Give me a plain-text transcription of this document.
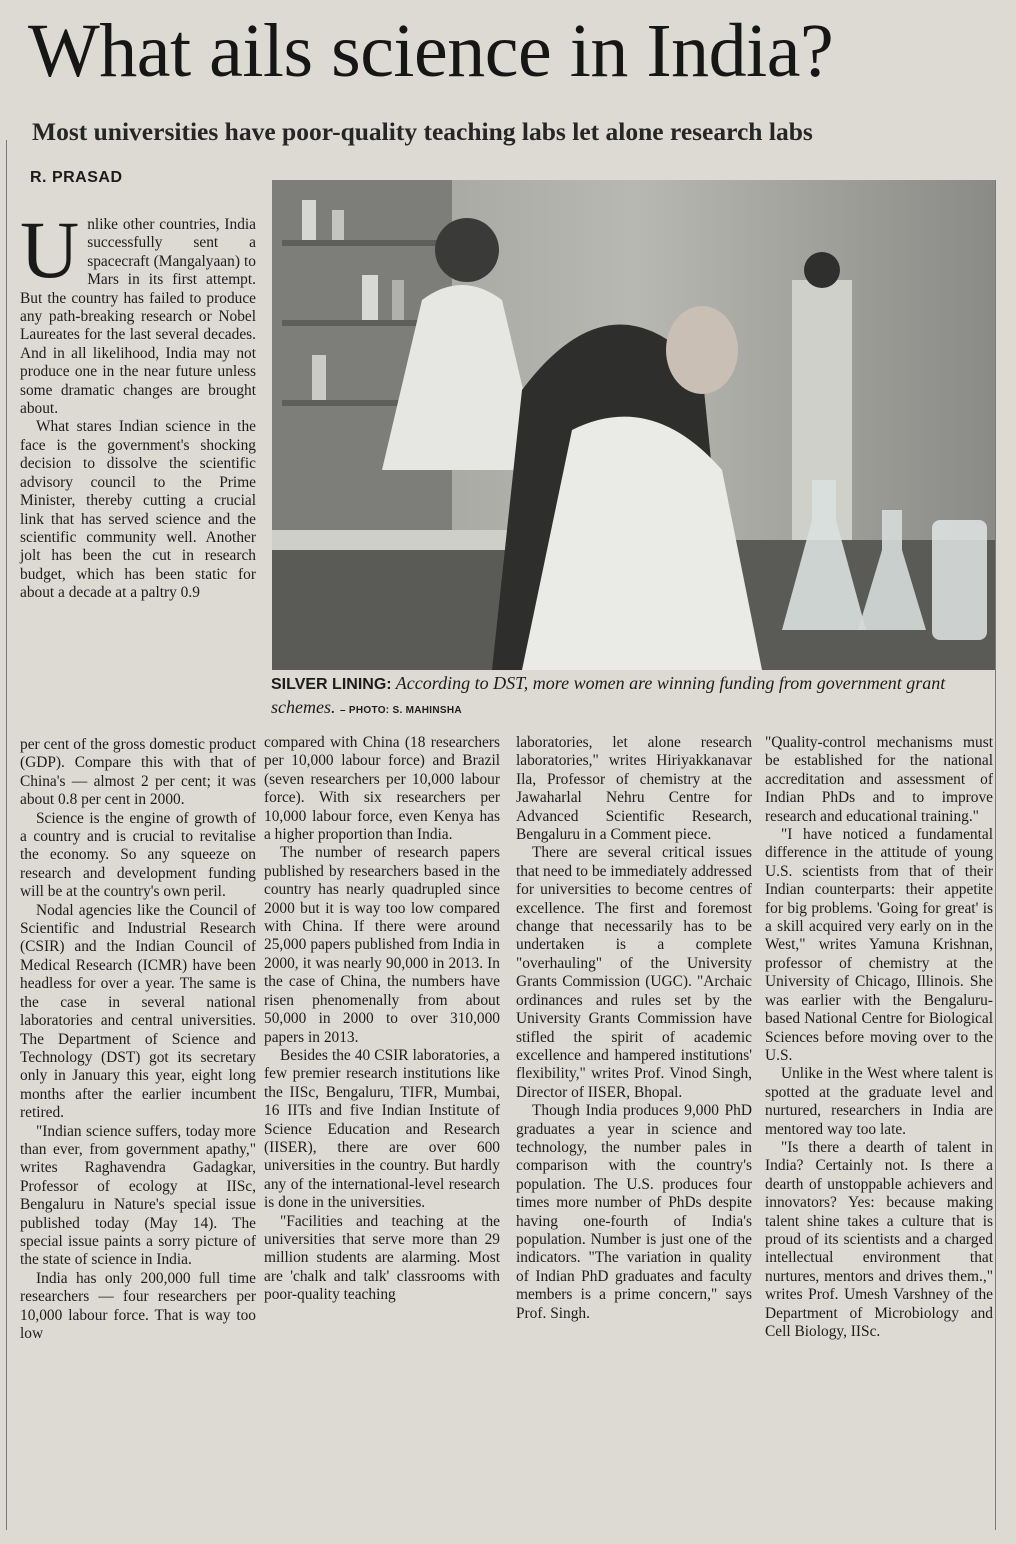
What ails science in India?
Most universities have poor-quality teaching labs let alone research labs
R. PRASAD
SILVER LINING: According to DST, more women are winning funding from government grant schemes. – PHOTO: S. MAHINSHA
U nlike other countries, India successfully sent a spacecraft (Mangalyaan) to Mars in its first attempt. But the country has failed to produce any path-breaking research or Nobel Laureates for the last several decades. And in all likelihood, India may not produce one in the near future unless some dramatic changes are brought about.

What stares Indian science in the face is the government's shocking decision to dissolve the scientific advisory council to the Prime Minister, thereby cutting a crucial link that has served science and the scientific community well. Another jolt has been the cut in research budget, which has been static for about a decade at a paltry 0.9

per cent of the gross domestic product (GDP). Compare this with that of China's — almost 2 per cent; it was about 0.8 per cent in 2000.

Science is the engine of growth of a country and is crucial to revitalise the economy. So any squeeze on research and development funding will be at the country's own peril.

Nodal agencies like the Council of Scientific and Industrial Research (CSIR) and the Indian Council of Medical Research (ICMR) have been headless for over a year. The same is the case in several national laboratories and central universities. The Department of Science and Technology (DST) got its secretary only in January this year, eight long months after the earlier incumbent retired.

"Indian science suffers, today more than ever, from government apathy," writes Raghavendra Gadagkar, Professor of ecology at IISc, Bengaluru in Nature's special issue published today (May 14). The special issue paints a sorry picture of the state of science in India.

India has only 200,000 full time researchers — four researchers per 10,000 labour force. That is way too low

compared with China (18 researchers per 10,000 labour force) and Brazil (seven researchers per 10,000 labour force). With six researchers per 10,000 labour force, even Kenya has a higher proportion than India.

The number of research papers published by researchers based in the country has nearly quadrupled since 2000 but it is way too low compared with China. If there were around 25,000 papers published from India in 2000, it was nearly 90,000 in 2013. In the case of China, the numbers have risen phenomenally from about 50,000 in 2000 to over 310,000 papers in 2013.

Besides the 40 CSIR laboratories, a few premier research institutions like the IISc, Bengaluru, TIFR, Mumbai, 16 IITs and five Indian Institute of Science Education and Research (IISER), there are over 600 universities in the country. But hardly any of the international-level research is done in the universities.

"Facilities and teaching at the universities that serve more than 29 million students are alarming. Most are 'chalk and talk' classrooms with poor-quality teaching

laboratories, let alone research laboratories," writes Hiriyakkanavar Ila, Professor of chemistry at the Jawaharlal Nehru Centre for Advanced Scientific Research, Bengaluru in a Comment piece.

There are several critical issues that need to be immediately addressed for universities to become centres of excellence. The first and foremost change that necessarily has to be undertaken is a complete "overhauling" of the University Grants Commission (UGC). "Archaic ordinances and rules set by the University Grants Commission have stifled the spirit of academic excellence and hampered institutions' flexibility," writes Prof. Vinod Singh, Director of IISER, Bhopal.

Though India produces 9,000 PhD graduates a year in science and technology, the number pales in comparison with the country's population. The U.S. produces four times more number of PhDs despite having one-fourth of India's population. Number is just one of the indicators. "The variation in quality of Indian PhD graduates and faculty members is a prime concern," says Prof. Singh.

"Quality-control mechanisms must be established for the national accreditation and assessment of Indian PhDs and to improve research and educational training."

"I have noticed a fundamental difference in the attitude of young U.S. scientists from that of their Indian counterparts: their appetite for big problems. 'Going for great' is a skill acquired very early on in the West," writes Yamuna Krishnan, professor of chemistry at the University of Chicago, Illinois. She was earlier with the Bengaluru-based National Centre for Biological Sciences before moving over to the U.S.

Unlike in the West where talent is spotted at the graduate level and nurtured, researchers in India are mentored way too late.

"Is there a dearth of talent in India? Certainly not. Is there a dearth of unstoppable achievers and innovators? Yes: because making talent shine takes a culture that is proud of its scientists and a charged intellectual environment that nurtures, mentors and drives them.," writes Prof. Umesh Varshney of the Department of Microbiology and Cell Biology, IISc.
